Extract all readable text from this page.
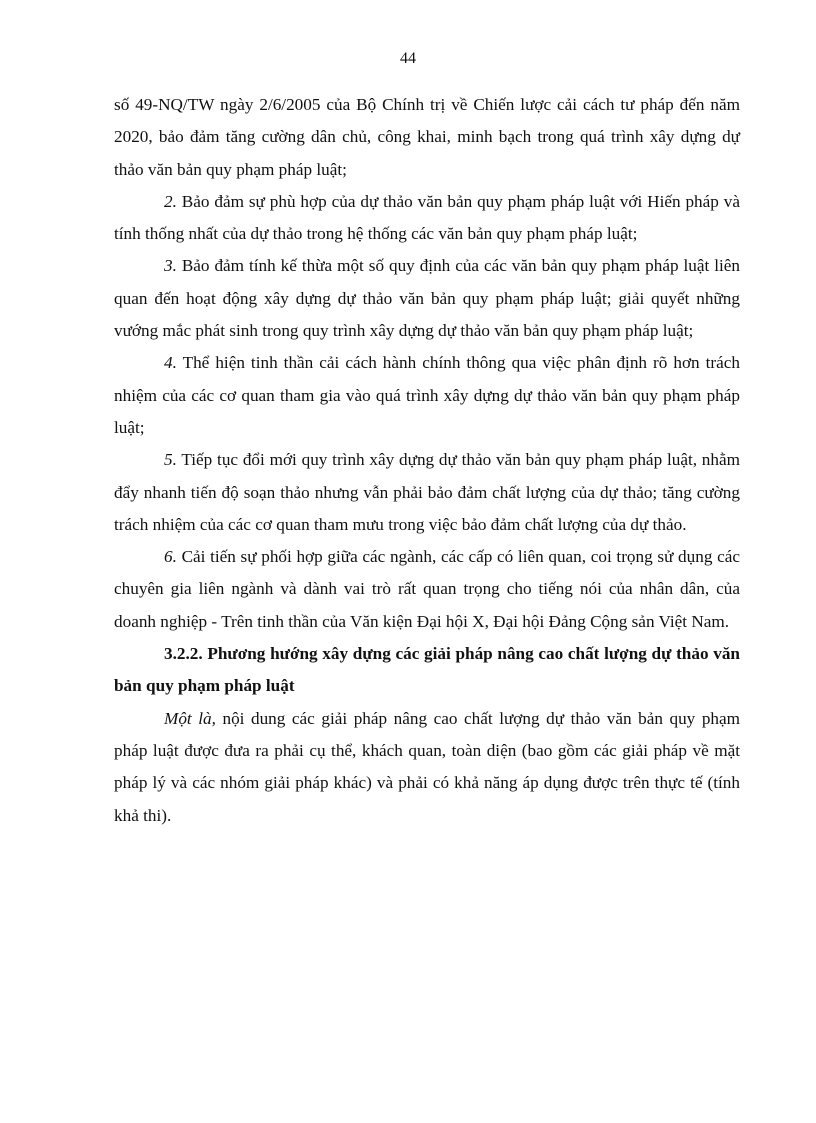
44

số 49-NQ/TW ngày 2/6/2005 của Bộ Chính trị về Chiến lược cải cách tư pháp đến năm 2020, bảo đảm tăng cường dân chủ, công khai, minh bạch trong quá trình xây dựng dự thảo văn bản quy phạm pháp luật;

2. Bảo đảm sự phù hợp của dự thảo văn bản quy phạm pháp luật với Hiến pháp và tính thống nhất của dự thảo trong hệ thống các văn bản quy phạm pháp luật;

3. Bảo đảm tính kế thừa một số quy định của các văn bản quy phạm pháp luật liên quan đến hoạt động xây dựng dự thảo văn bản quy phạm pháp luật; giải quyết những vướng mắc phát sinh trong quy trình xây dựng dự thảo văn bản quy phạm pháp luật;

4. Thể hiện tinh thần cải cách hành chính thông qua việc phân định rõ hơn trách nhiệm của các cơ quan tham gia vào quá trình xây dựng dự thảo văn bản quy phạm pháp luật;

5. Tiếp tục đổi mới quy trình xây dựng dự thảo văn bản quy phạm pháp luật, nhằm đẩy nhanh tiến độ soạn thảo nhưng vẫn phải bảo đảm chất lượng của dự thảo; tăng cường trách nhiệm của các cơ quan tham mưu trong việc bảo đảm chất lượng của dự thảo.

6. Cải tiến sự phối hợp giữa các ngành, các cấp có liên quan, coi trọng sử dụng các chuyên gia liên ngành và dành vai trò rất quan trọng cho tiếng nói của nhân dân, của doanh nghiệp - Trên tinh thần của Văn kiện Đại hội X, Đại hội Đảng Cộng sản Việt Nam.

3.2.2. Phương hướng xây dựng các giải pháp nâng cao chất lượng dự thảo văn bản quy phạm pháp luật

Một là, nội dung các giải pháp nâng cao chất lượng dự thảo văn bản quy phạm pháp luật được đưa ra phải cụ thể, khách quan, toàn diện (bao gồm các giải pháp về mặt pháp lý và các nhóm giải pháp khác) và phải có khả năng áp dụng được trên thực tế (tính khả thi).
